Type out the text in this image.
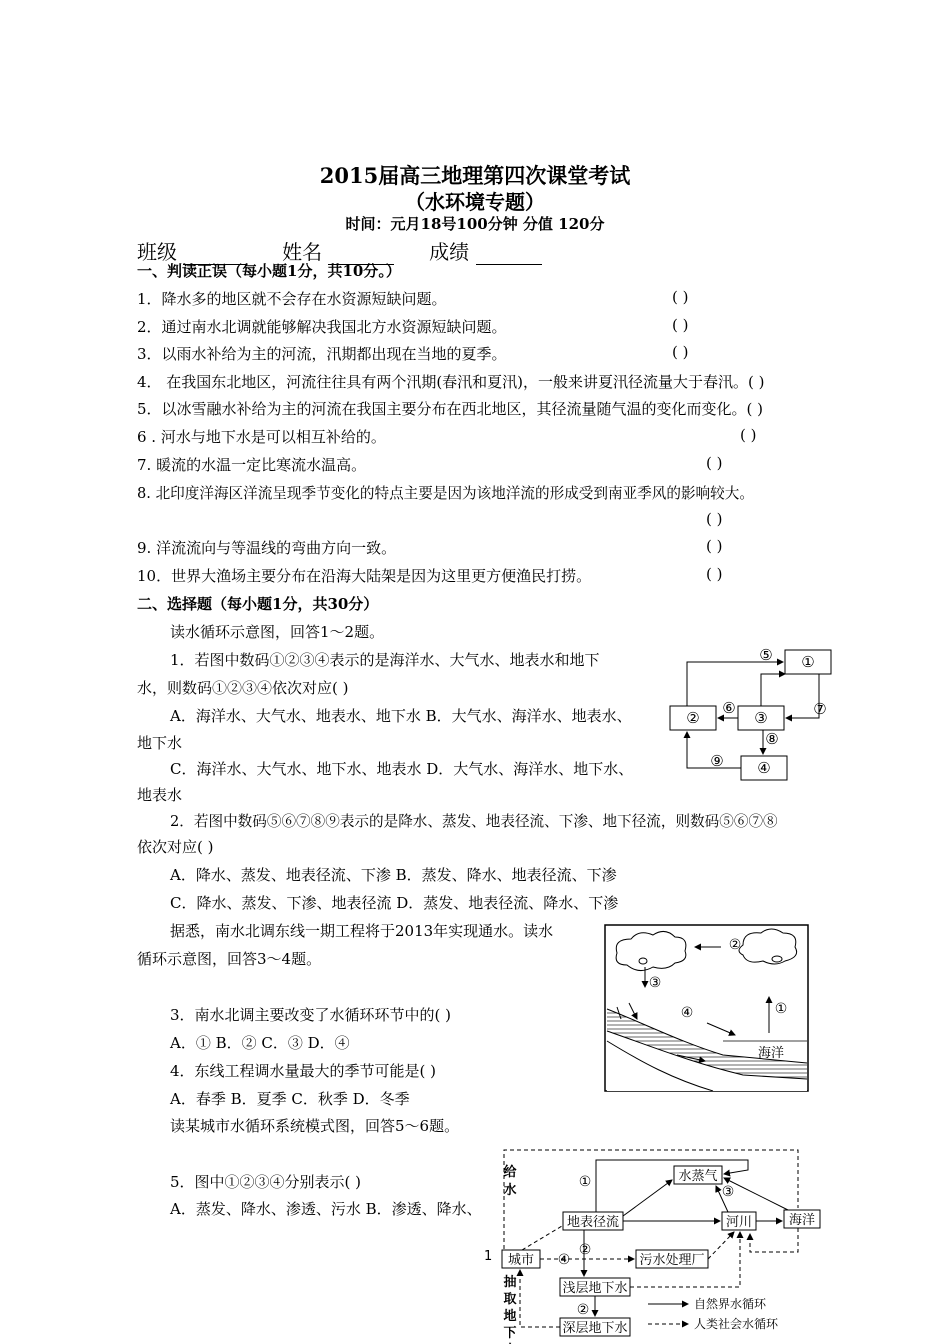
2015届高三地理第四次课堂考试
（水环境专题）
时间：元月18号100分钟 分值 120分
班级	姓名	成绩
一、判读正误（每小题1分，共10分。）
1．降水多的地区就不会存在水资源短缺问题。	( )
2．通过南水北调就能够解决我国北方水资源短缺问题。	( )
3．以雨水补给为主的河流，汛期都出现在当地的夏季。	( )
4． 在我国东北地区，河流往往具有两个汛期(春汛和夏汛)，一般来讲夏汛径流量大于春汛。( )
5．以冰雪融水补给为主的河流在我国主要分布在西北地区，其径流量随气温的变化而变化。( )
6 . 河水与地下水是可以相互补给的。	( )
7. 暖流的水温一定比寒流水温高。	( )
8. 北印度洋海区洋流呈现季节变化的特点主要是因为该地洋流的形成受到南亚季风的影响较大。
( )
9. 洋流流向与等温线的弯曲方向一致。	( )
10．世界大渔场主要分布在沿海大陆架是因为这里更方便渔民打捞。	( )
二、选择题（每小题1分，共30分）
读水循环示意图，回答1～2题。
1．若图中数码①②③④表示的是海洋水、大气水、地表水和地下
水，则数码①②③④依次对应( )
A．海洋水、大气水、地表水、地下水 B．大气水、海洋水、地表水、
地下水
C．海洋水、大气水、地下水、地表水 D．大气水、海洋水、地下水、
地表水
2．若图中数码⑤⑥⑦⑧⑨表示的是降水、蒸发、地表径流、下渗、地下径流，则数码⑤⑥⑦⑧
依次对应( )
A．降水、蒸发、地表径流、下渗 B．蒸发、降水、地表径流、下渗
C．降水、蒸发、下渗、地表径流 D．蒸发、地表径流、降水、下渗
据悉，南水北调东线一期工程将于2013年实现通水。读水
循环示意图，回答3～4题。
3．南水北调主要改变了水循环环节中的( )
A．① B．② C．③ D．④
4．东线工程调水量最大的季节可能是( )
A．春季 B．夏季 C．秋季 D．冬季
读某城市水循环系统模式图，回答5～6题。
5．图中①②③④分别表示( )
A．蒸发、降水、渗透、污水 B．渗透、降水、
①
②	③
④
⑤
⑥	⑦
⑧
⑨
②
③
④	①
海洋
1
给水
抽取地下
水蒸气
地表径流	河川	海洋
城市	污水处理厂
浅层地下水
深层地下水
①
③
②
④
②	自然界水循环
人类社会水循环
